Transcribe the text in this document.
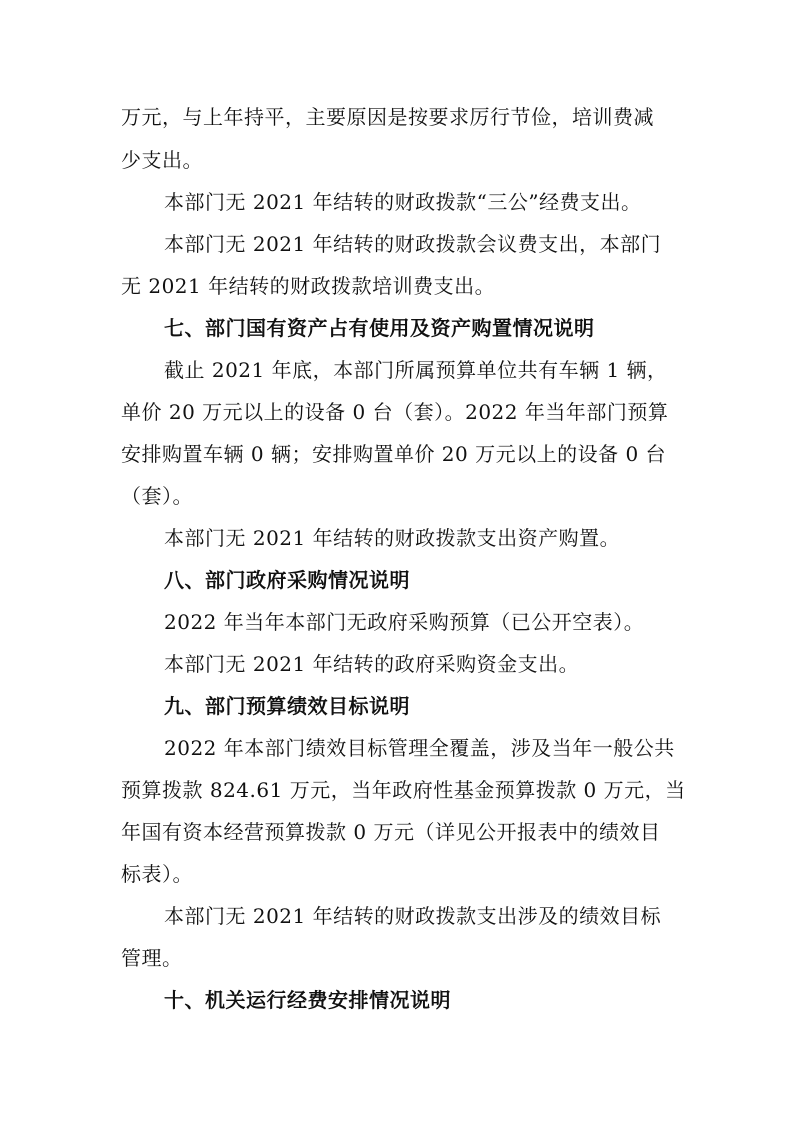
万元，与上年持平，主要原因是按要求厉行节俭，培训费减
少支出。
本部门无 2021 年结转的财政拨款“三公”经费支出。
本部门无 2021 年结转的财政拨款会议费支出，本部门
无 2021 年结转的财政拨款培训费支出。
七、部门国有资产占有使用及资产购置情况说明
截止 2021 年底，本部门所属预算单位共有车辆 1 辆，
单价 20 万元以上的设备 0 台（套）。2022 年当年部门预算
安排购置车辆 0 辆；安排购置单价 20 万元以上的设备 0 台
（套）。
本部门无 2021 年结转的财政拨款支出资产购置。
八、部门政府采购情况说明
2022 年当年本部门无政府采购预算（已公开空表）。
本部门无 2021 年结转的政府采购资金支出。
九、部门预算绩效目标说明
2022 年本部门绩效目标管理全覆盖，涉及当年一般公共
预算拨款 824.61 万元，当年政府性基金预算拨款 0 万元，当
年国有资本经营预算拨款 0 万元（详见公开报表中的绩效目
标表）。
本部门无 2021 年结转的财政拨款支出涉及的绩效目标
管理。
十、机关运行经费安排情况说明
